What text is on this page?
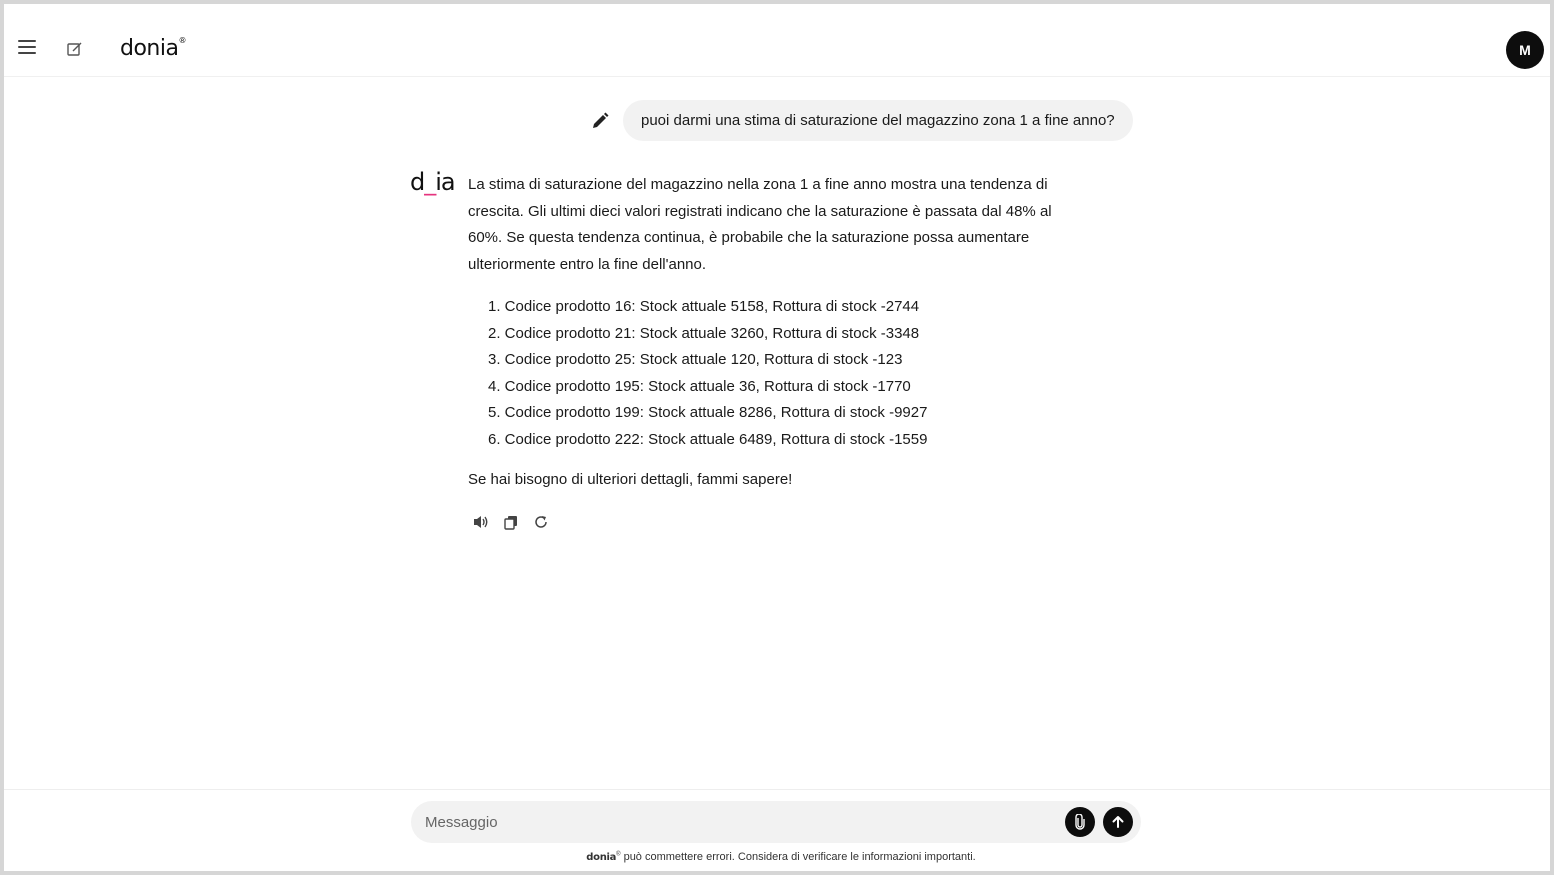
donia®
M
puoi darmi una stima di saturazione del magazzino zona 1 a fine anno?
d_ia La stima di saturazione del magazzino nella zona 1 a fine anno mostra una tendenza di crescita. Gli ultimi dieci valori registrati indicano che la saturazione è passata dal 48% al 60%. Se questa tendenza continua, è probabile che la saturazione possa aumentare ulteriormente entro la fine dell'anno.

1. Codice prodotto 16: Stock attuale 5158, Rottura di stock -2744
2. Codice prodotto 21: Stock attuale 3260, Rottura di stock -3348
3. Codice prodotto 25: Stock attuale 120, Rottura di stock -123
4. Codice prodotto 195: Stock attuale 36, Rottura di stock -1770
5. Codice prodotto 199: Stock attuale 8286, Rottura di stock -9927
6. Codice prodotto 222: Stock attuale 6489, Rottura di stock -1559

Se hai bisogno di ulteriori dettagli, fammi sapere!

Messaggio
donia® può commettere errori. Considera di verificare le informazioni importanti.
